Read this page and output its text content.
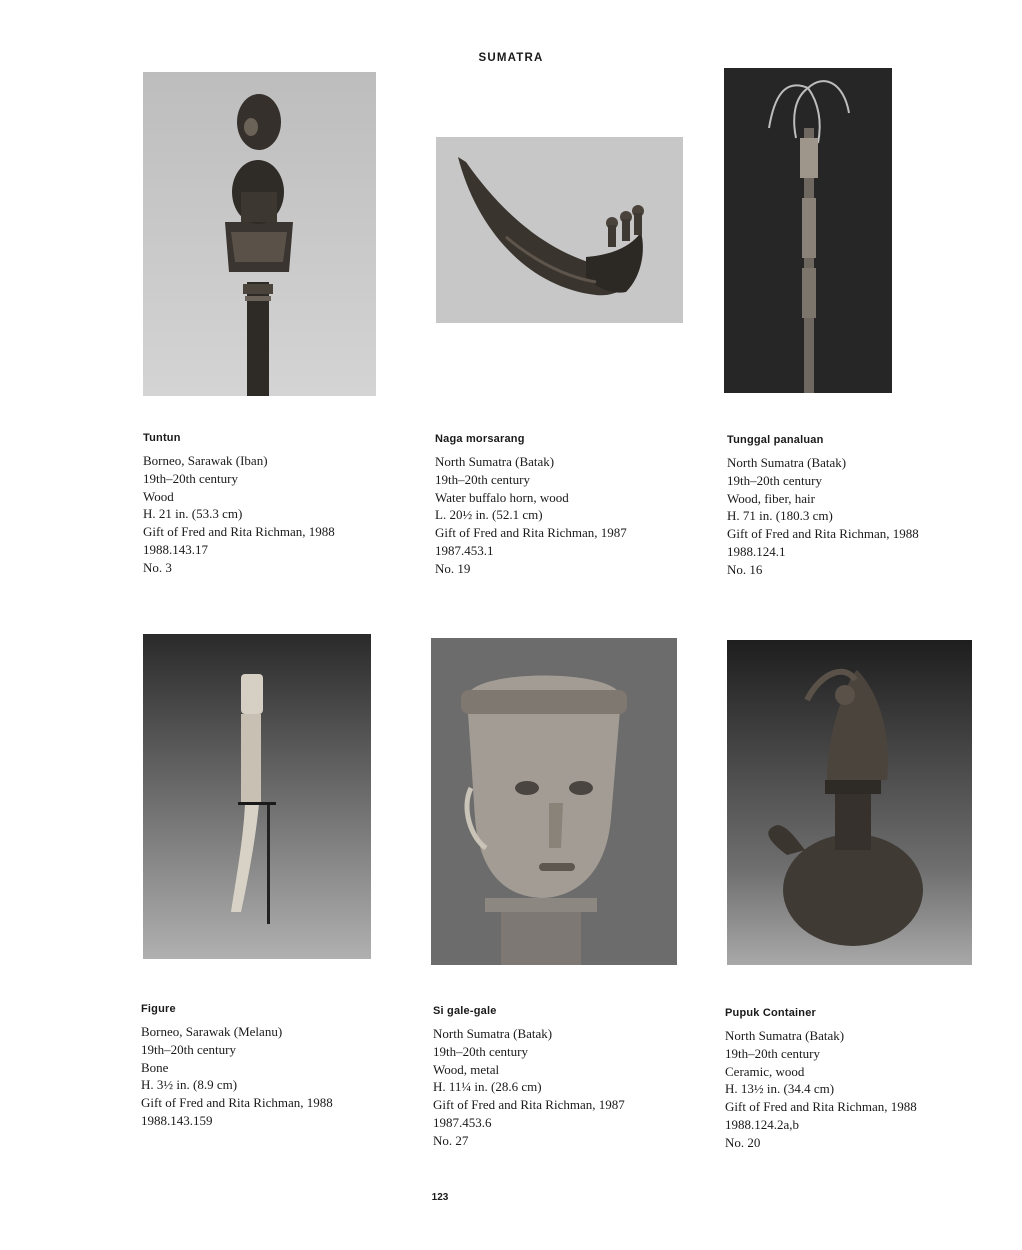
SUMATRA
Tuntun
Borneo, Sarawak (Iban)
19th–20th century
Wood
H. 21 in. (53.3 cm)
Gift of Fred and Rita Richman, 1988
1988.143.17
No. 3
Naga morsarang
North Sumatra (Batak)
19th–20th century
Water buffalo horn, wood
L. 20½ in. (52.1 cm)
Gift of Fred and Rita Richman, 1987
1987.453.1
No. 19
Tunggal panaluan
North Sumatra (Batak)
19th–20th century
Wood, fiber, hair
H. 71 in. (180.3 cm)
Gift of Fred and Rita Richman, 1988
1988.124.1
No. 16
Figure
Borneo, Sarawak (Melanu)
19th–20th century
Bone
H. 3½ in. (8.9 cm)
Gift of Fred and Rita Richman, 1988
1988.143.159
Si gale-gale
North Sumatra (Batak)
19th–20th century
Wood, metal
H. 11¼ in. (28.6 cm)
Gift of Fred and Rita Richman, 1987
1987.453.6
No. 27
Pupuk Container
North Sumatra (Batak)
19th–20th century
Ceramic, wood
H. 13½ in. (34.4 cm)
Gift of Fred and Rita Richman, 1988
1988.124.2a,b
No. 20
123
